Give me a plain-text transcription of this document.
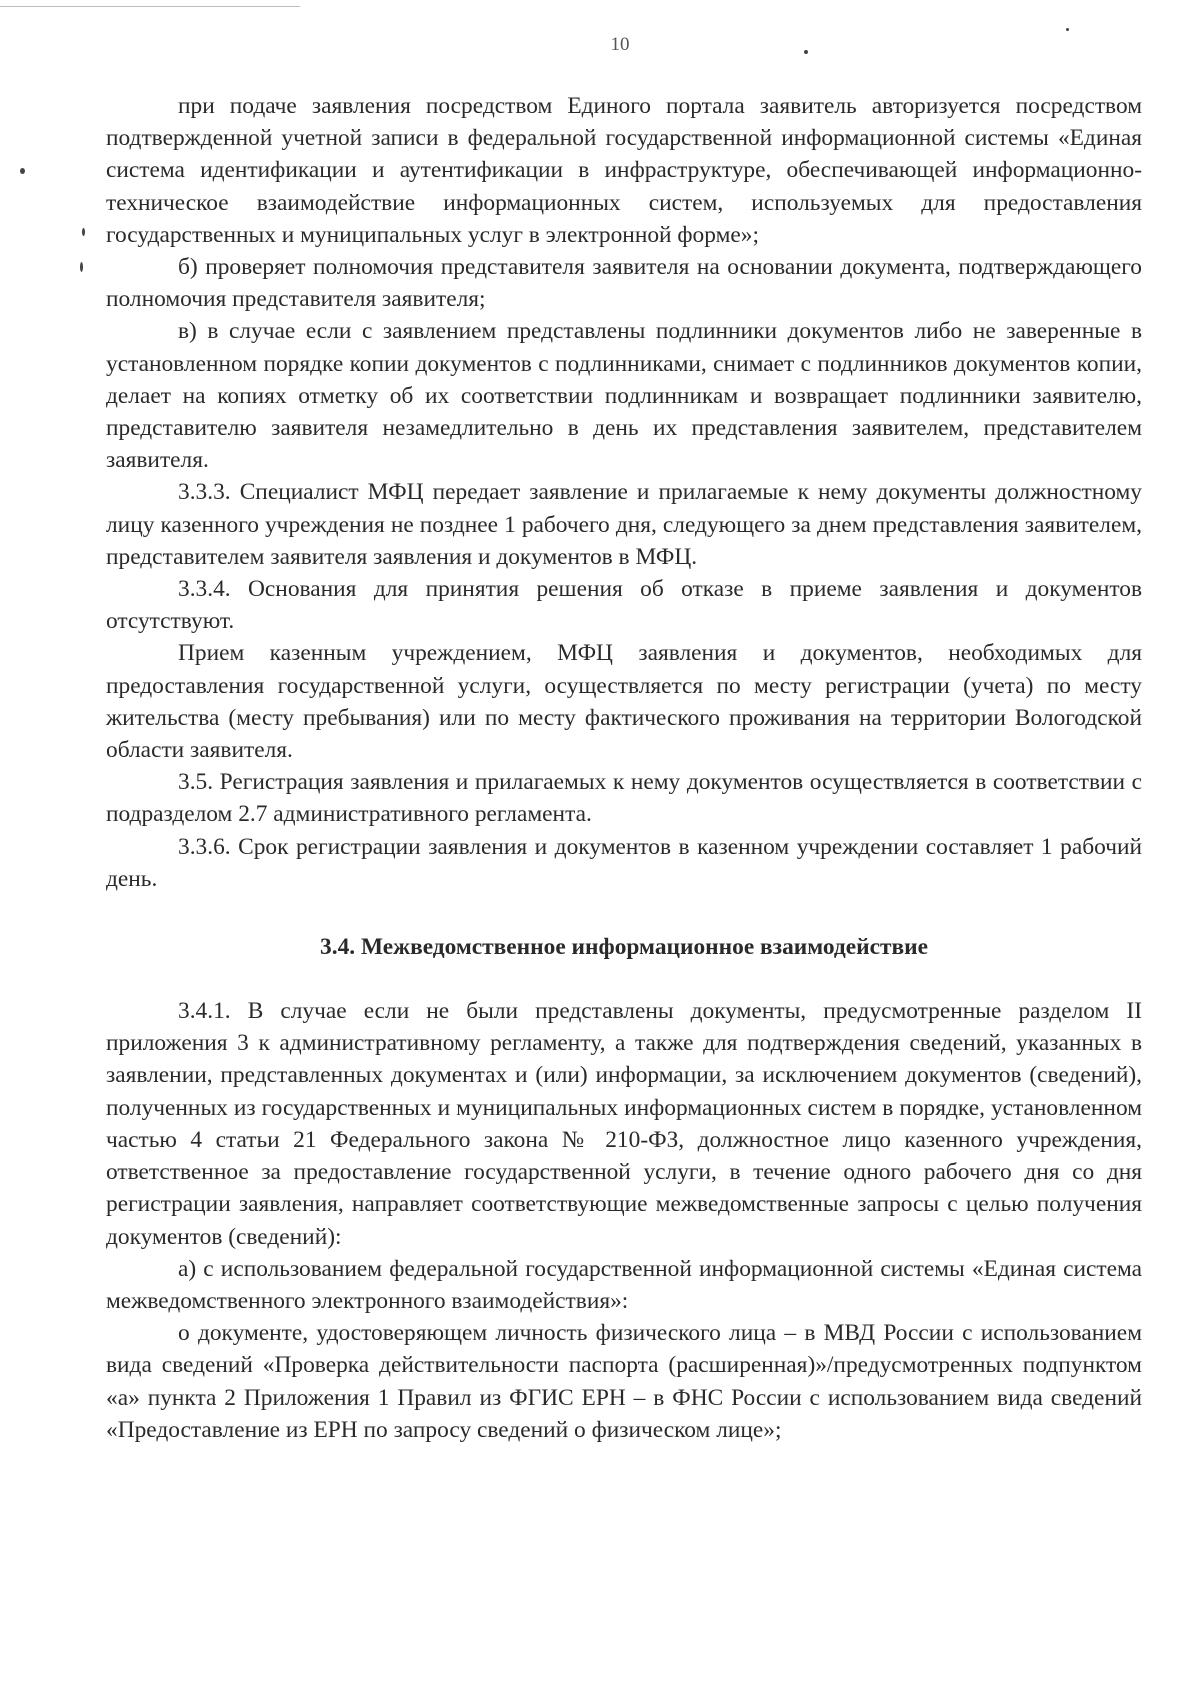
10

при подаче заявления посредством Единого портала заявитель авторизуется посредством подтвержденной учетной записи в федеральной государственной информационной системы «Единая система идентификации и аутентификации в инфраструктуре, обеспечивающей информационно-техническое взаимодействие информационных систем, используемых для предоставления государственных и муниципальных услуг в электронной форме»;

б) проверяет полномочия представителя заявителя на основании документа, подтверждающего полномочия представителя заявителя;

в) в случае если с заявлением представлены подлинники документов либо не заверенные в установленном порядке копии документов с подлинниками, снимает с подлинников документов копии, делает на копиях отметку об их соответствии подлинникам и возвращает подлинники заявителю, представителю заявителя незамедлительно в день их представления заявителем, представителем заявителя.

3.3.3. Специалист МФЦ передает заявление и прилагаемые к нему документы должностному лицу казенного учреждения не позднее 1 рабочего дня, следующего за днем представления заявителем, представителем заявителя заявления и документов в МФЦ.

3.3.4. Основания для принятия решения об отказе в приеме заявления и документов отсутствуют.

Прием казенным учреждением, МФЦ заявления и документов, необходимых для предоставления государственной услуги, осуществляется по месту регистрации (учета) по месту жительства (месту пребывания) или по месту фактического проживания на территории Вологодской области заявителя.

3.5. Регистрация заявления и прилагаемых к нему документов осуществляется в соответствии с подразделом 2.7 административного регламента.

3.3.6. Срок регистрации заявления и документов в казенном учреждении составляет 1 рабочий день.

3.4. Межведомственное информационное взаимодействие

3.4.1. В случае если не были представлены документы, предусмотренные разделом II приложения 3 к административному регламенту, а также для подтверждения сведений, указанных в заявлении, представленных документах и (или) информации, за исключением документов (сведений), полученных из государственных и муниципальных информационных систем в порядке, установленном частью 4 статьи 21 Федерального закона № 210-ФЗ, должностное лицо казенного учреждения, ответственное за предоставление государственной услуги, в течение одного рабочего дня со дня регистрации заявления, направляет соответствующие межведомственные запросы с целью получения документов (сведений):

а) с использованием федеральной государственной информационной системы «Единая система межведомственного электронного взаимодействия»:

о документе, удостоверяющем личность физического лица – в МВД России с использованием вида сведений «Проверка действительности паспорта (расширенная)»/предусмотренных подпунктом «а» пункта 2 Приложения 1 Правил из ФГИС ЕРН – в ФНС России с использованием вида сведений «Предоставление из ЕРН по запросу сведений о физическом лице»;
